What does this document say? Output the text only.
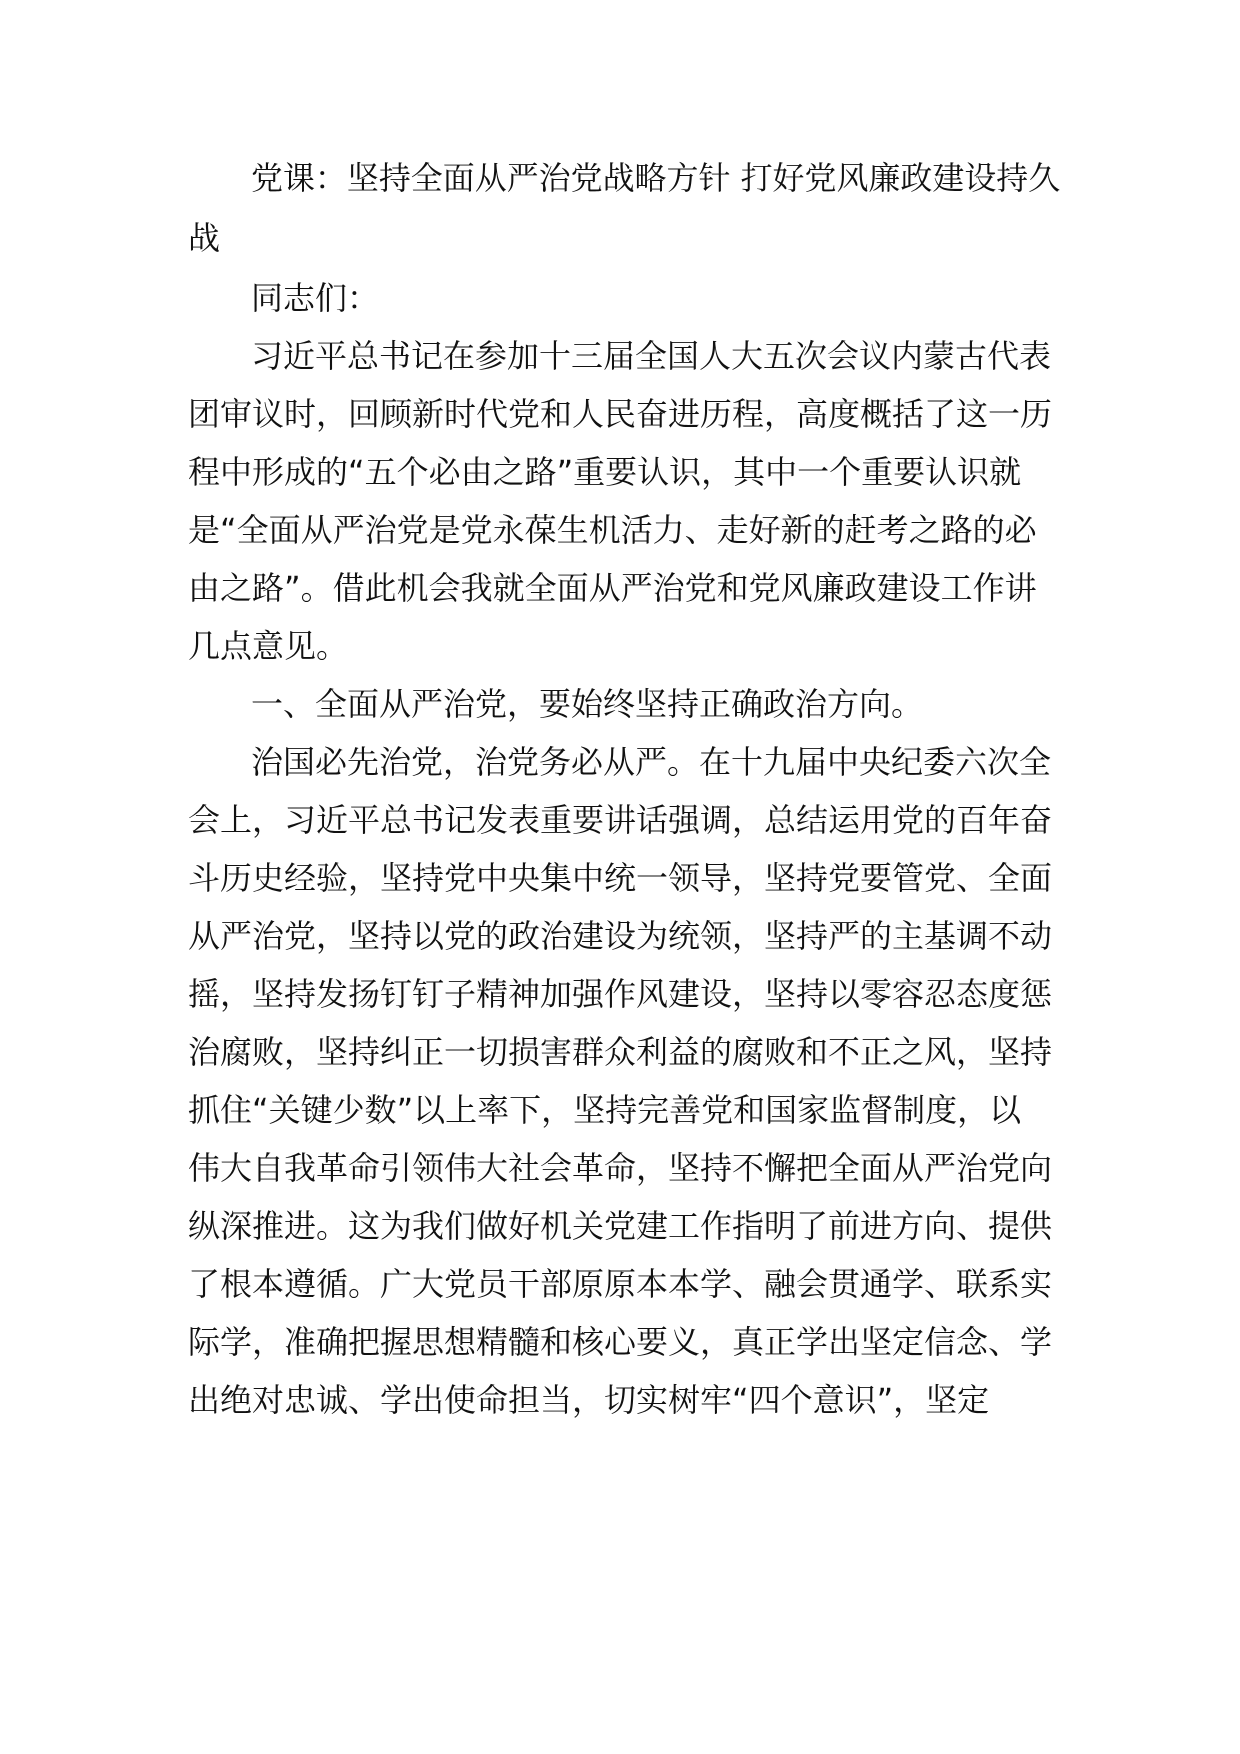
党课：坚持全面从严治党战略方针 打好党风廉政建设持久
战
同志们：
习近平总书记在参加十三届全国人大五次会议内蒙古代表
团审议时，回顾新时代党和人民奋进历程，高度概括了这一历
程中形成的“五个必由之路”重要认识，其中一个重要认识就
是“全面从严治党是党永葆生机活力、走好新的赶考之路的必
由之路”。借此机会我就全面从严治党和党风廉政建设工作讲
几点意见。
一、全面从严治党，要始终坚持正确政治方向。
治国必先治党，治党务必从严。在十九届中央纪委六次全
会上，习近平总书记发表重要讲话强调，总结运用党的百年奋
斗历史经验，坚持党中央集中统一领导，坚持党要管党、全面
从严治党，坚持以党的政治建设为统领，坚持严的主基调不动
摇，坚持发扬钉钉子精神加强作风建设，坚持以零容忍态度惩
治腐败，坚持纠正一切损害群众利益的腐败和不正之风，坚持
抓住“关键少数”以上率下，坚持完善党和国家监督制度，以
伟大自我革命引领伟大社会革命，坚持不懈把全面从严治党向
纵深推进。这为我们做好机关党建工作指明了前进方向、提供
了根本遵循。广大党员干部原原本本学、融会贯通学、联系实
际学，准确把握思想精髓和核心要义，真正学出坚定信念、学
出绝对忠诚、学出使命担当，切实树牢“四个意识”，坚定
